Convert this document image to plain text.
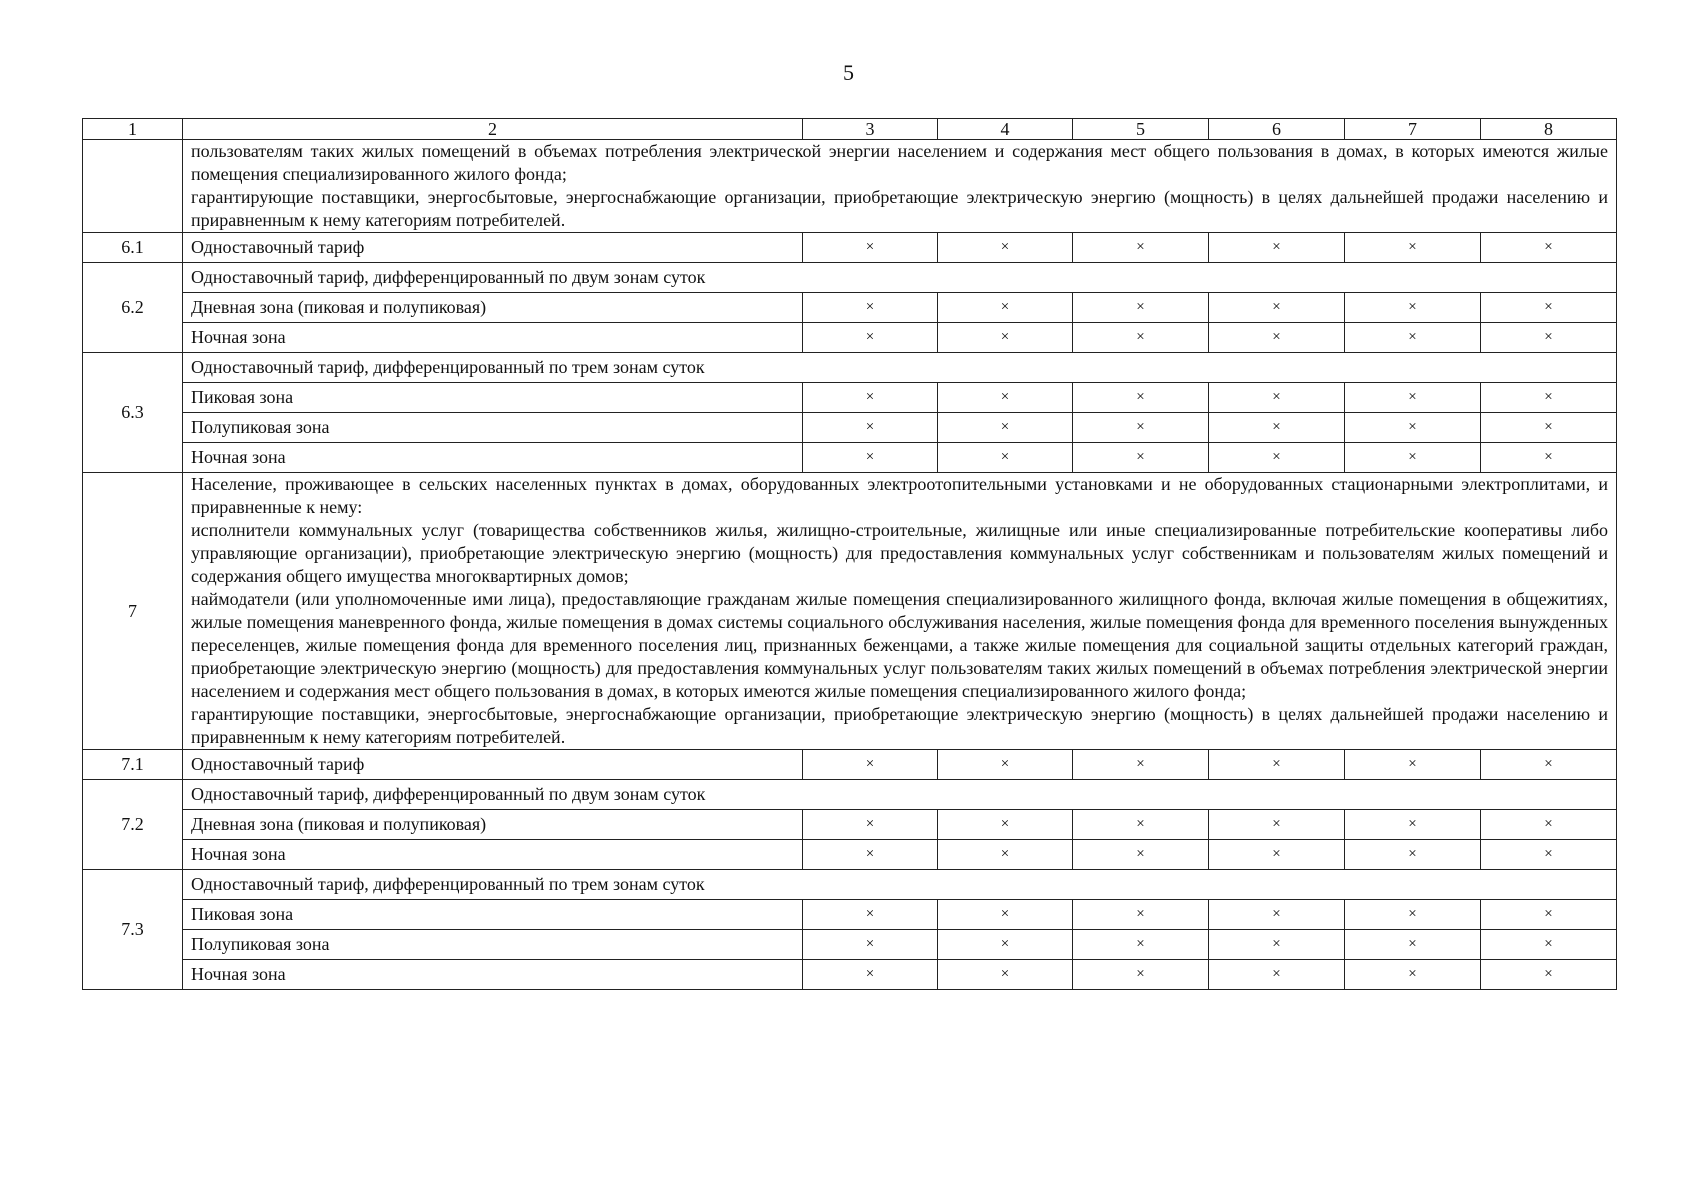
5
1	2	3	4	5	6	7	8

	пользователям таких жилых помещений в объемах потребления электрической энергии населением и содержания мест общего пользования в домах, в которых имеются жилые помещения специализированного жилого фонда;

гарантирующие поставщики, энергосбытовые, энергоснабжающие организации, приобретающие электрическую энергию (мощность) в целях дальнейшей продажи населению и приравненным к нему категориям потребителей.						

6.1	Одноставочный тариф	×	×	×	×	×	×
6.2	Одноставочный тариф, дифференцированный по двум зонам суток						
	Дневная зона (пиковая и полупиковая)	×	×	×	×	×	×
	Ночная зона	×	×	×	×	×	×
6.3	Одноставочный тариф, дифференцированный по трем зонам суток						
	Пиковая зона	×	×	×	×	×	×
	Полупиковая зона	×	×	×	×	×	×
	Ночная зона	×	×	×	×	×	×
7	Население, проживающее в сельских населенных пунктах в домах, оборудованных электроотопительными установками и не оборудованных стационарными электроплитами, и приравненные к нему:

исполнители коммунальных услуг (товарищества собственников жилья, жилищно-строительные, жилищные или иные специализированные потребительские кооперативы либо управляющие организации), приобретающие электрическую энергию (мощность) для предоставления коммунальных услуг собственникам и пользователям жилых помещений и содержания общего имущества многоквартирных домов;

наймодатели (или уполномоченные ими лица), предоставляющие гражданам жилые помещения специализированного жилищного фонда, включая жилые помещения в общежитиях, жилые помещения маневренного фонда, жилые помещения в домах системы социального обслуживания населения, жилые помещения фонда для временного поселения вынужденных переселенцев, жилые помещения фонда для временного поселения лиц, признанных беженцами, а также жилые помещения для социальной защиты отдельных категорий граждан, приобретающие электрическую энергию (мощность) для предоставления коммунальных услуг пользователям таких жилых помещений в объемах потребления электрической энергии населением и содержания мест общего пользования в домах, в которых имеются жилые помещения специализированного жилого фонда;

гарантирующие поставщики, энергосбытовые, энергоснабжающие организации, приобретающие электрическую энергию (мощность) в целях дальнейшей продажи населению и приравненным к нему категориям потребителей.						

7.1	Одноставочный тариф	×	×	×	×	×	×
7.2	Одноставочный тариф, дифференцированный по двум зонам суток						
	Дневная зона (пиковая и полупиковая)	×	×	×	×	×	×
	Ночная зона	×	×	×	×	×	×
7.3	Одноставочный тариф, дифференцированный по трем зонам суток						
	Пиковая зона	×	×	×	×	×	×
	Полупиковая зона	×	×	×	×	×	×
	Ночная зона	×	×	×	×	×	×
